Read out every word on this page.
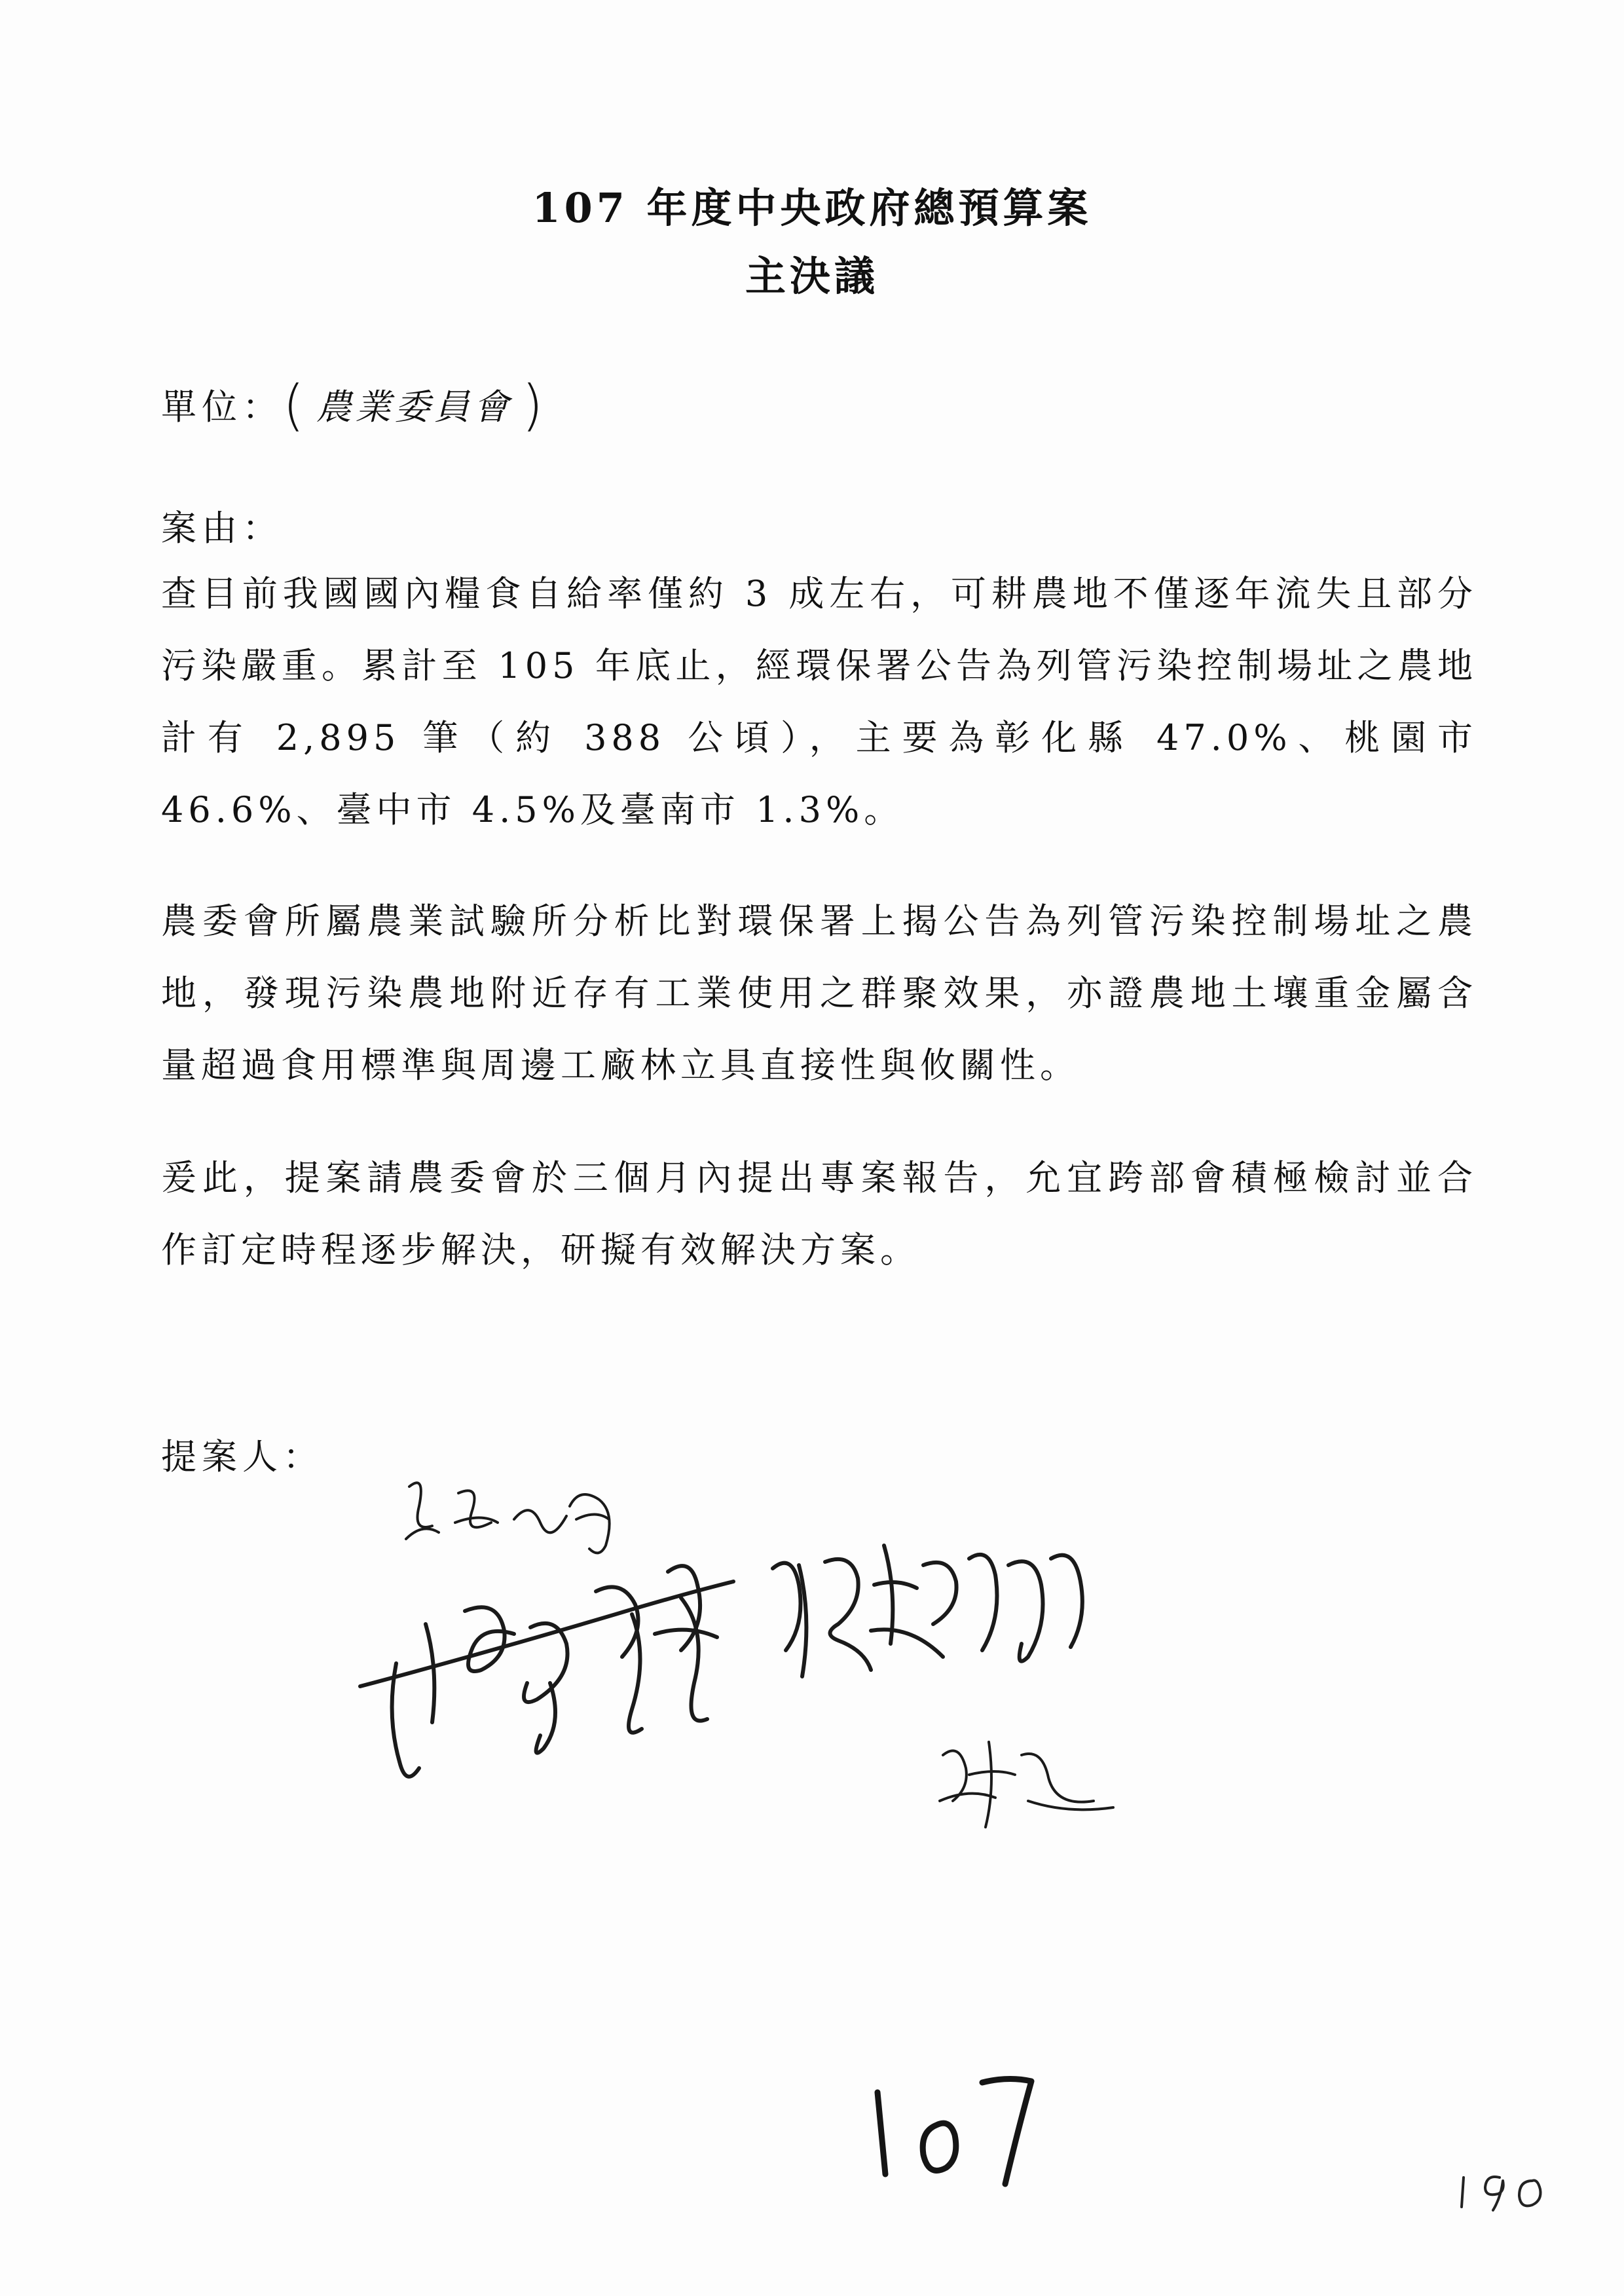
107 年度中央政府總預算案
主決議
單位：( 農業委員會 )
案由：
查目前我國國內糧食自給率僅約 3 成左右，可耕農地不僅逐年流失且部分污染嚴重。累計至 105 年底止，經環保署公告為列管污染控制場址之農地計有 2,895 筆（約 388 公頃），主要為彰化縣 47.0%、桃園市 46.6%、臺中市 4.5%及臺南市 1.3%。
農委會所屬農業試驗所分析比對環保署上揭公告為列管污染控制場址之農地，發現污染農地附近存有工業使用之群聚效果，亦證農地土壤重金屬含量超過食用標準與周邊工廠林立具直接性與攸關性。
爰此，提案請農委會於三個月內提出專案報告，允宜跨部會積極檢討並合作訂定時程逐步解決，研擬有效解決方案。
提案人：
